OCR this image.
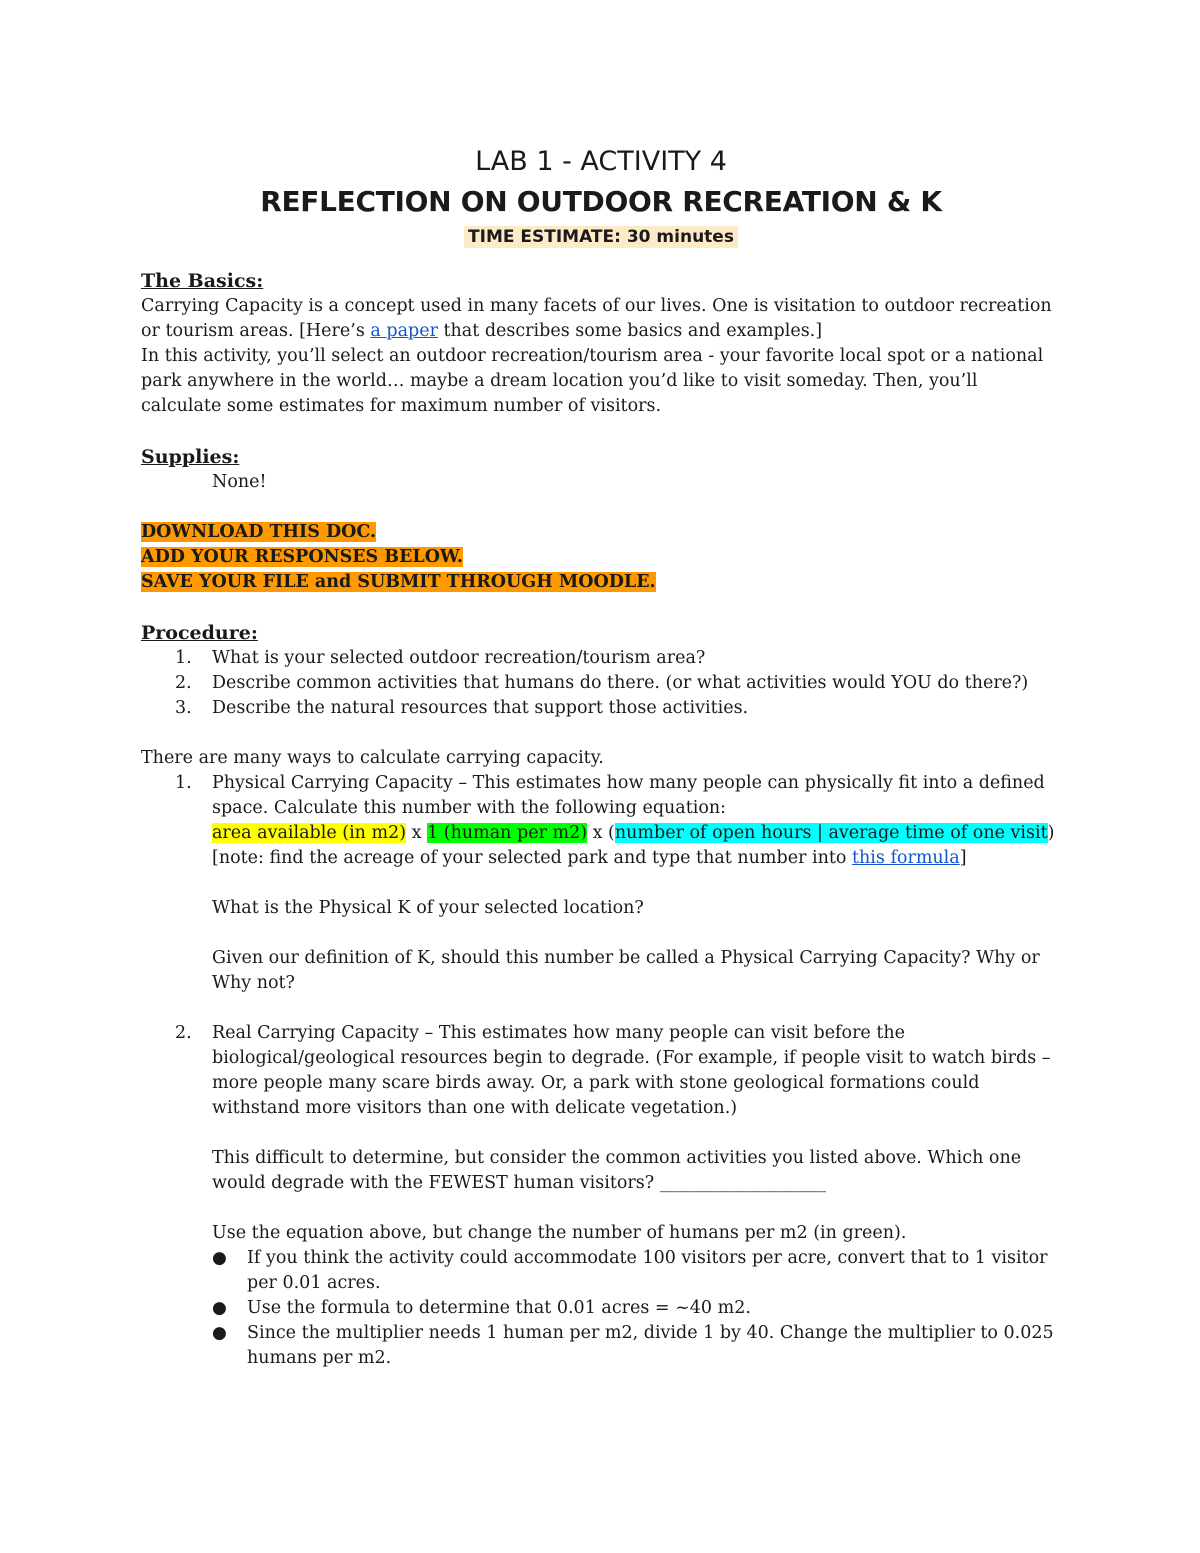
LAB 1 - ACTIVITY 4
REFLECTION ON OUTDOOR RECREATION & K
TIME ESTIMATE: 30 minutes

The Basics:

Carrying Capacity is a concept used in many facets of our lives. One is visitation to outdoor recreation or tourism areas. [Here’s a paper that describes some basics and examples.]

In this activity, you’ll select an outdoor recreation/tourism area - your favorite local spot or a national park anywhere in the world… maybe a dream location you’d like to visit someday. Then, you’ll calculate some estimates for maximum number of visitors.

Supplies:

None!

DOWNLOAD THIS DOC.

ADD YOUR RESPONSES BELOW.

SAVE YOUR FILE and SUBMIT THROUGH MOODLE.

Procedure:

1. What is your selected outdoor recreation/tourism area?
2. Describe common activities that humans do there. (or what activities would YOU do there?)
3. Describe the natural resources that support those activities.

There are many ways to calculate carrying capacity.

1. Physical Carrying Capacity – This estimates how many people can physically fit into a defined space. Calculate this number with the following equation:

area available (in m2) x 1 (human per m2) x (number of open hours | average time of one visit)

[note: find the acreage of your selected park and type that number into this formula]

What is the Physical K of your selected location?

Given our definition of K, should this number be called a Physical Carrying Capacity? Why or Why not?

2. Real Carrying Capacity – This estimates how many people can visit before the biological/geological resources begin to degrade. (For example, if people visit to watch birds – more people many scare birds away. Or, a park with stone geological formations could withstand more visitors than one with delicate vegetation.)

This difficult to determine, but consider the common activities you listed above. Which one would degrade with the FEWEST human visitors? ___________________

Use the equation above, but change the number of humans per m2 (in green).

● If you think the activity could accommodate 100 visitors per acre, convert that to 1 visitor per 0.01 acres.
● Use the formula to determine that 0.01 acres = ~40 m2.
● Since the multiplier needs 1 human per m2, divide 1 by 40. Change the multiplier to 0.025 humans per m2.
